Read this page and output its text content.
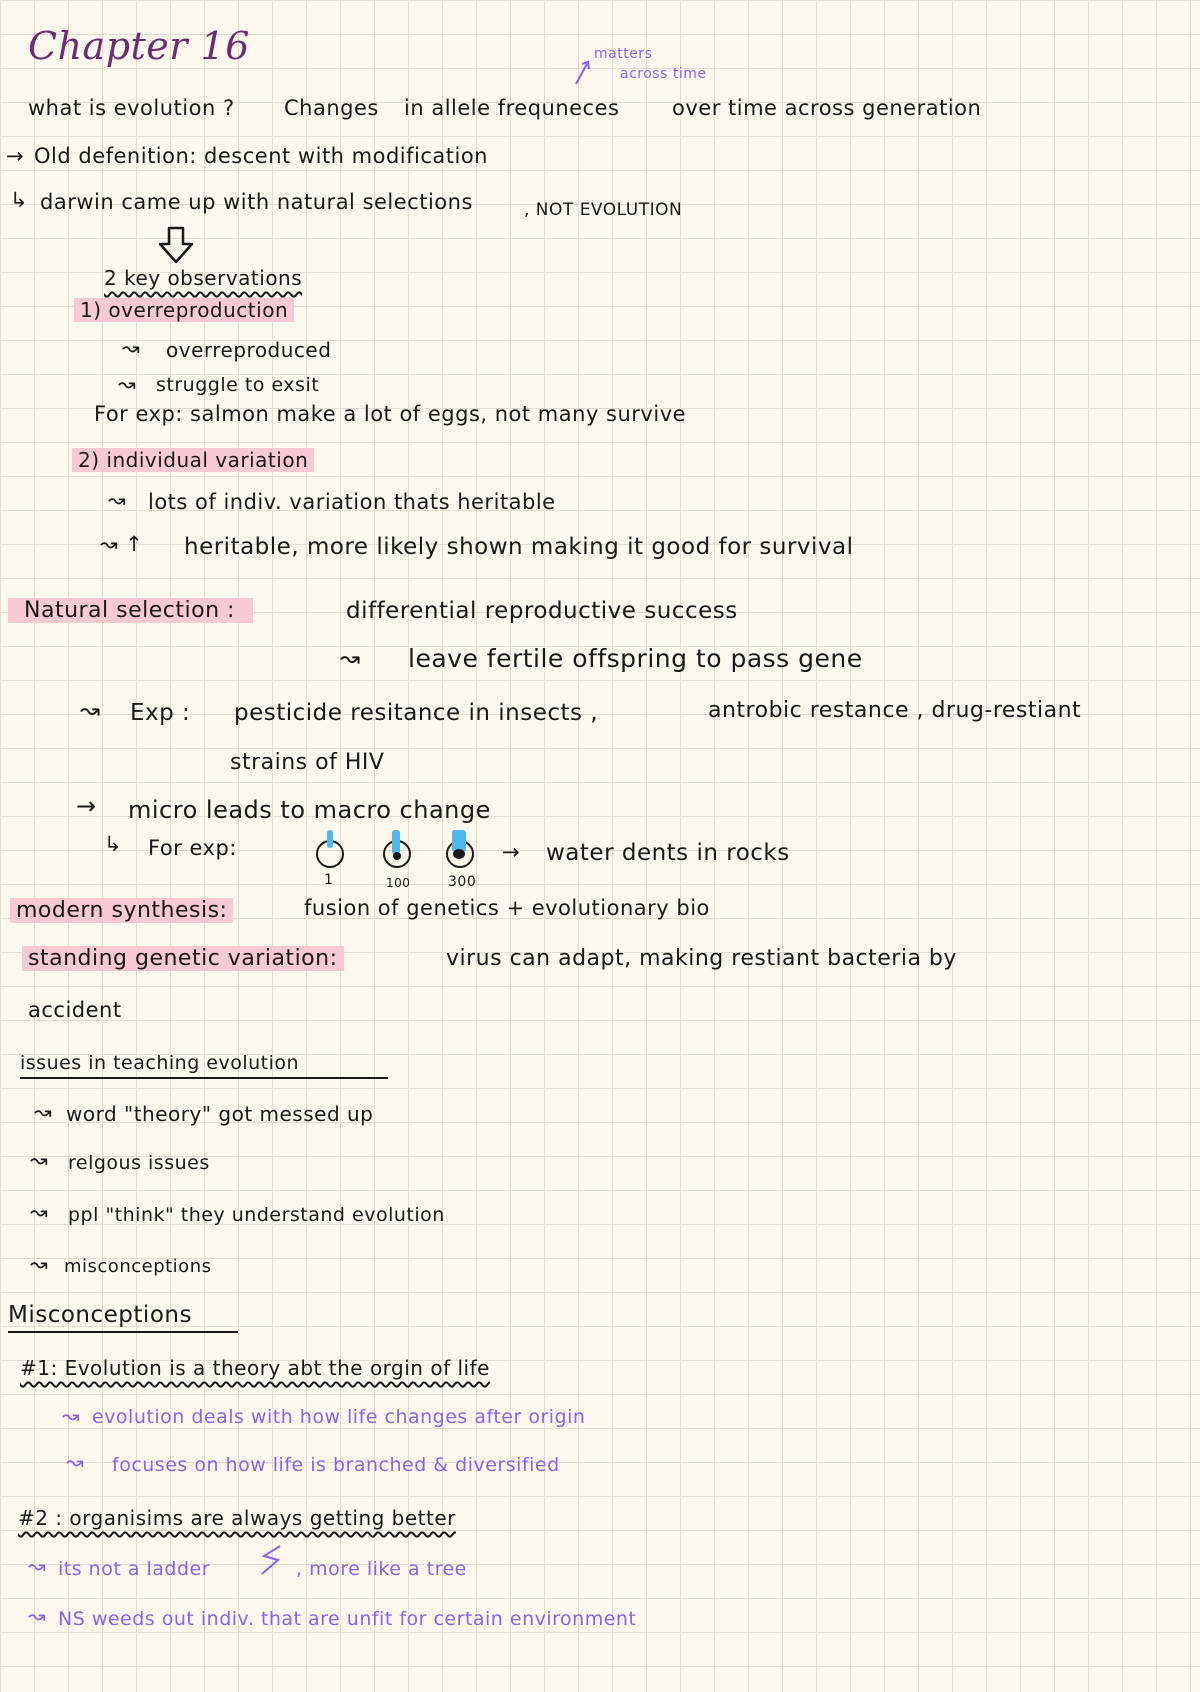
Chapter 16	matters
across time
what is evolution ? Changes in allele frequneces	over time across generation
→ Old defenition: descent with modification
↳ darwin came up with natural selections	, NOT EVOLUTION
2 key observations
1) overreproduction
↝ overreproduced
↝ struggle to exsit
For exp: salmon make a lot of eggs, not many survive
2) individual variation
↝ lots of indiv. variation thats heritable
↝ ↑ heritable, more likely shown making it good for survival
Natural selection :	differential reproductive success
↝ leave fertile offspring to pass gene
↝ Exp : pesticide resitance in insects ,	antrobic restance , drug-restiant
strains of HIV
→ micro leads to macro change
↳ For exp:
1	100	300
→ water dents in rocks
modern synthesis:	fusion of genetics + evolutionary bio
standing genetic variation:	virus can adapt, making restiant bacteria by
accident
issues in teaching evolution
↝ word "theory" got messed up
↝ relgous issues
↝ ppl "think" they understand evolution
↝ misconceptions
Misconceptions
#1: Evolution is a theory abt the orgin of life
↝ evolution deals with how life changes after origin
↝ focuses on how life is branched & diversified
#2 : organisims are always getting better
↝ its not a ladder	, more like a tree
↝ NS weeds out indiv. that are unfit for certain environment
